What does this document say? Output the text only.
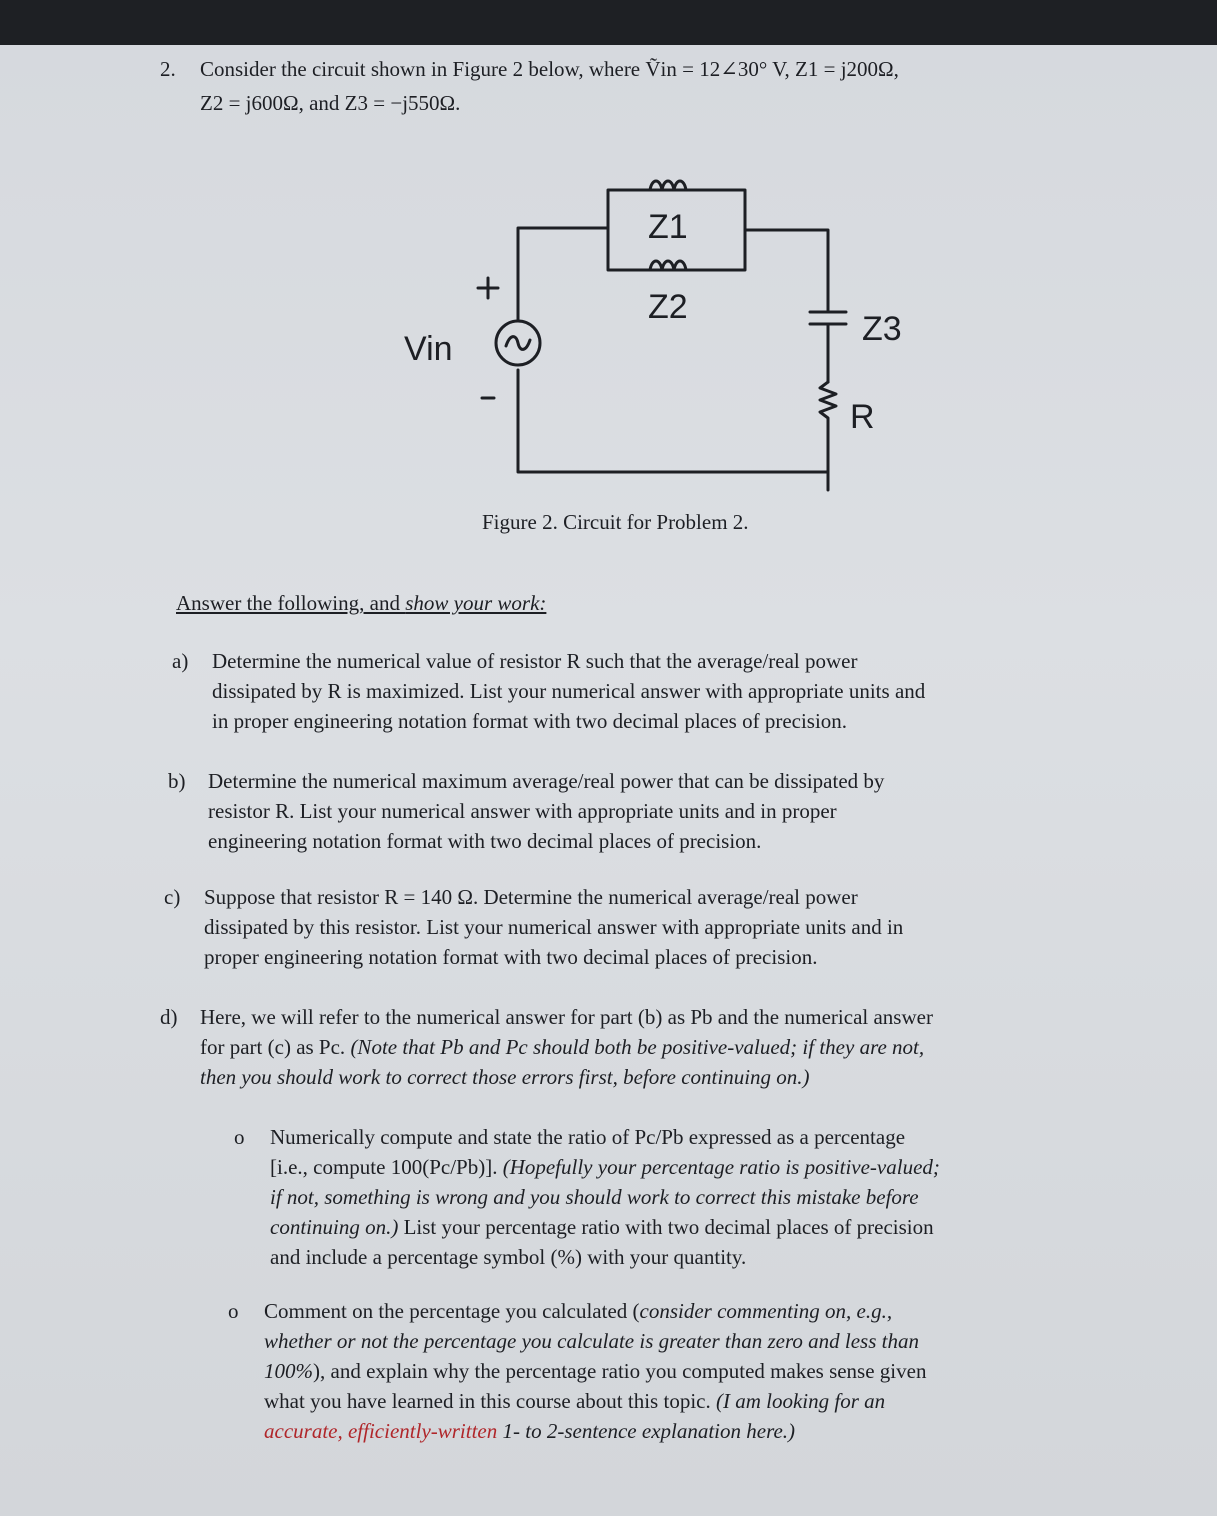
2. Consider the circuit shown in Figure 2 below, where Ṽin = 12∠30° V, Z1 = j200Ω,
Z2 = j600Ω, and Z3 = −j550Ω.
Z1
Z2
Z3
R
Vin
Figure 2. Circuit for Problem 2.
Answer the following, and show your work:
a) Determine the numerical value of resistor R such that the average/real power
dissipated by R is maximized. List your numerical answer with appropriate units and
in proper engineering notation format with two decimal places of precision.
b) Determine the numerical maximum average/real power that can be dissipated by
resistor R. List your numerical answer with appropriate units and in proper
engineering notation format with two decimal places of precision.
c) Suppose that resistor R = 140 Ω. Determine the numerical average/real power
dissipated by this resistor. List your numerical answer with appropriate units and in
proper engineering notation format with two decimal places of precision.
d) Here, we will refer to the numerical answer for part (b) as Pb and the numerical answer
for part (c) as Pc. (Note that Pb and Pc should both be positive-valued; if they are not,
then you should work to correct those errors first, before continuing on.)
o Numerically compute and state the ratio of Pc/Pb expressed as a percentage
[i.e., compute 100(Pc/Pb)]. (Hopefully your percentage ratio is positive-valued;
if not, something is wrong and you should work to correct this mistake before
continuing on.) List your percentage ratio with two decimal places of precision
and include a percentage symbol (%) with your quantity.
o Comment on the percentage you calculated (consider commenting on, e.g.,
whether or not the percentage you calculate is greater than zero and less than
100%), and explain why the percentage ratio you computed makes sense given
what you have learned in this course about this topic. (I am looking for an
accurate, efficiently-written 1- to 2-sentence explanation here.)
